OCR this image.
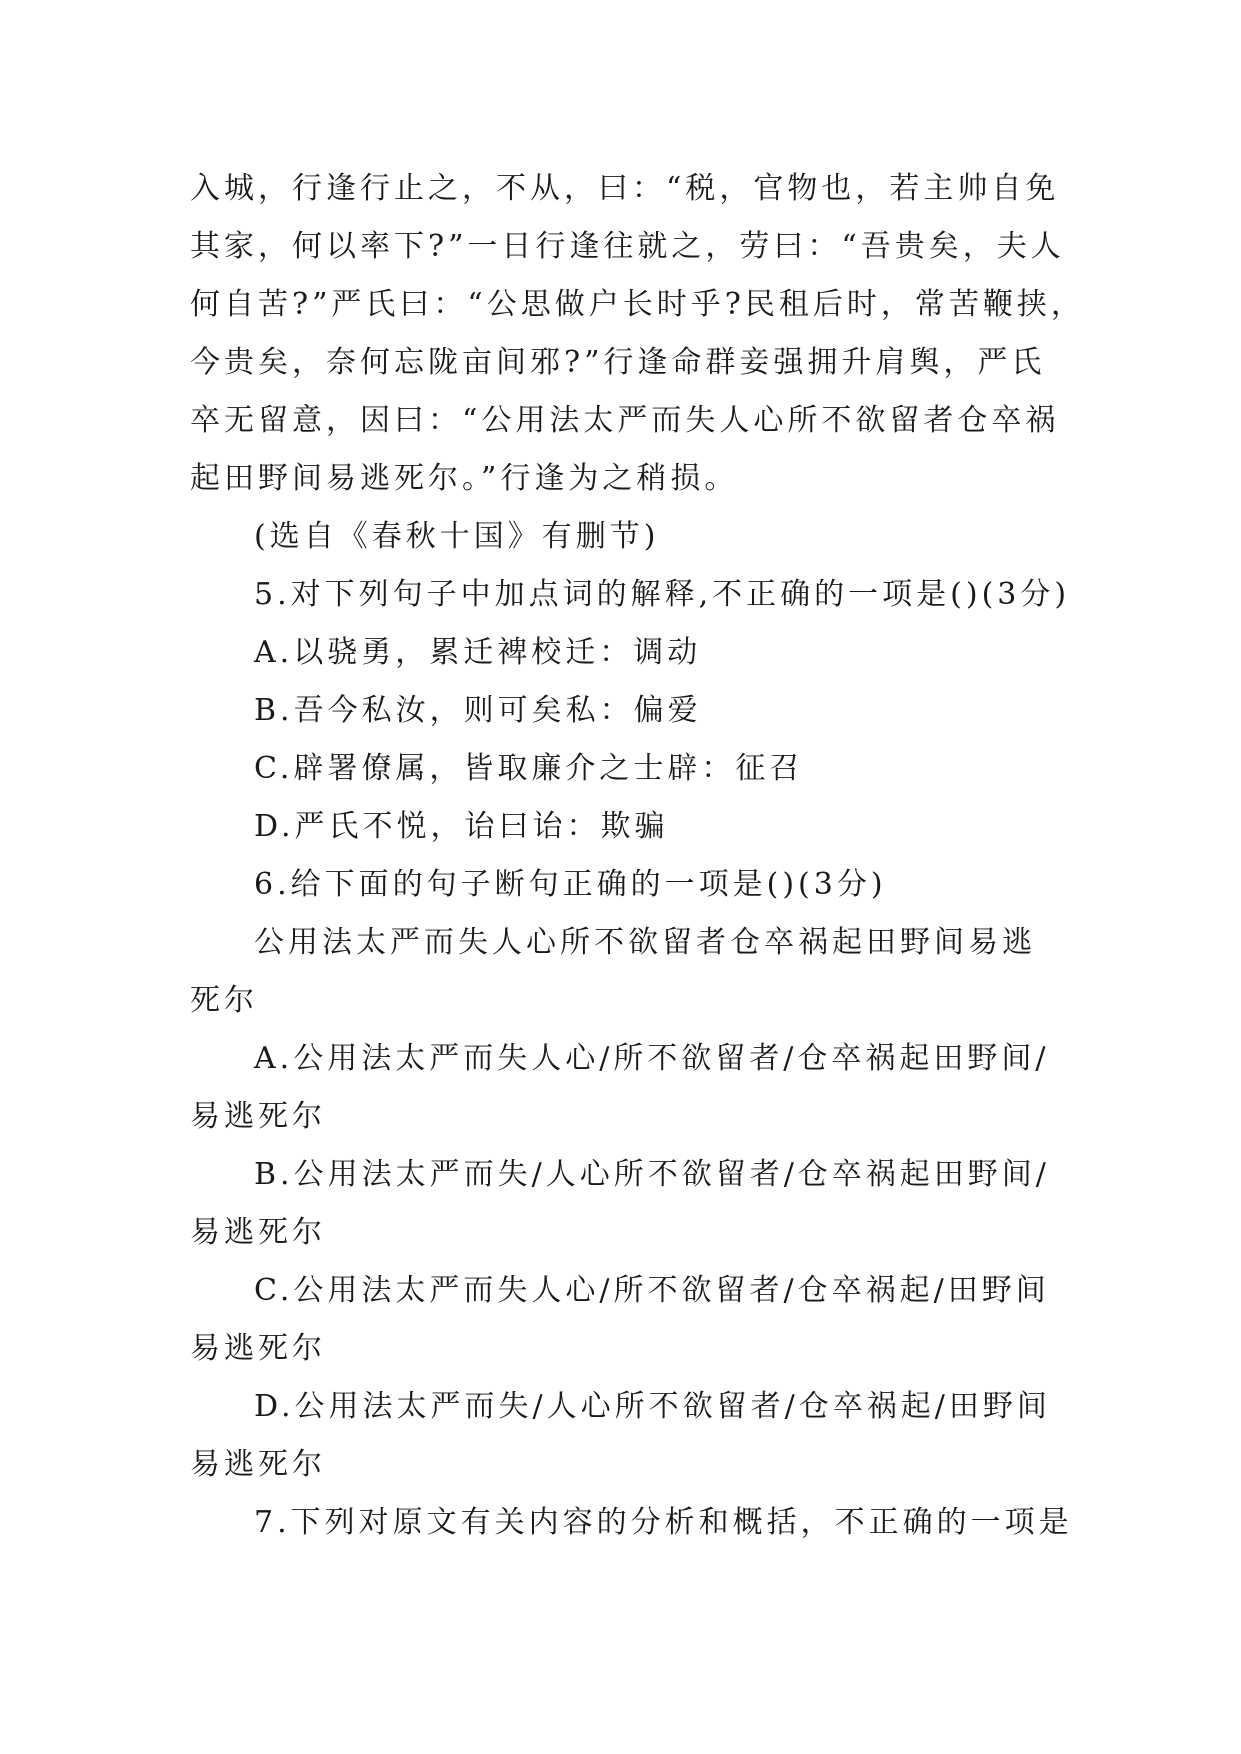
入城，行逢行止之，不从，曰：“税，官物也，若主帅自免
其家，何以率下?”一日行逢往就之，劳曰：“吾贵矣，夫人
何自苦?”严氏曰：“公思做户长时乎?民租后时，常苦鞭挟，
今贵矣，奈何忘陇亩间邪?”行逢命群妾强拥升肩舆，严氏
卒无留意，因曰：“公用法太严而失人心所不欲留者仓卒祸
起田野间易逃死尔。”行逢为之稍损。
(选自《春秋十国》有删节)
5.对下列句子中加点词的解释,不正确的一项是()(3分)
A.以骁勇，累迁裨校迁：调动
B.吾今私汝，则可矣私：偏爱
C.辟署僚属，皆取廉介之士辟：征召
D.严氏不悦，诒曰诒：欺骗
6.给下面的句子断句正确的一项是()(3分)
公用法太严而失人心所不欲留者仓卒祸起田野间易逃
死尔
A.公用法太严而失人心/所不欲留者/仓卒祸起田野间/
易逃死尔
B.公用法太严而失/人心所不欲留者/仓卒祸起田野间/
易逃死尔
C.公用法太严而失人心/所不欲留者/仓卒祸起/田野间
易逃死尔
D.公用法太严而失/人心所不欲留者/仓卒祸起/田野间
易逃死尔
7.下列对原文有关内容的分析和概括，不正确的一项是
